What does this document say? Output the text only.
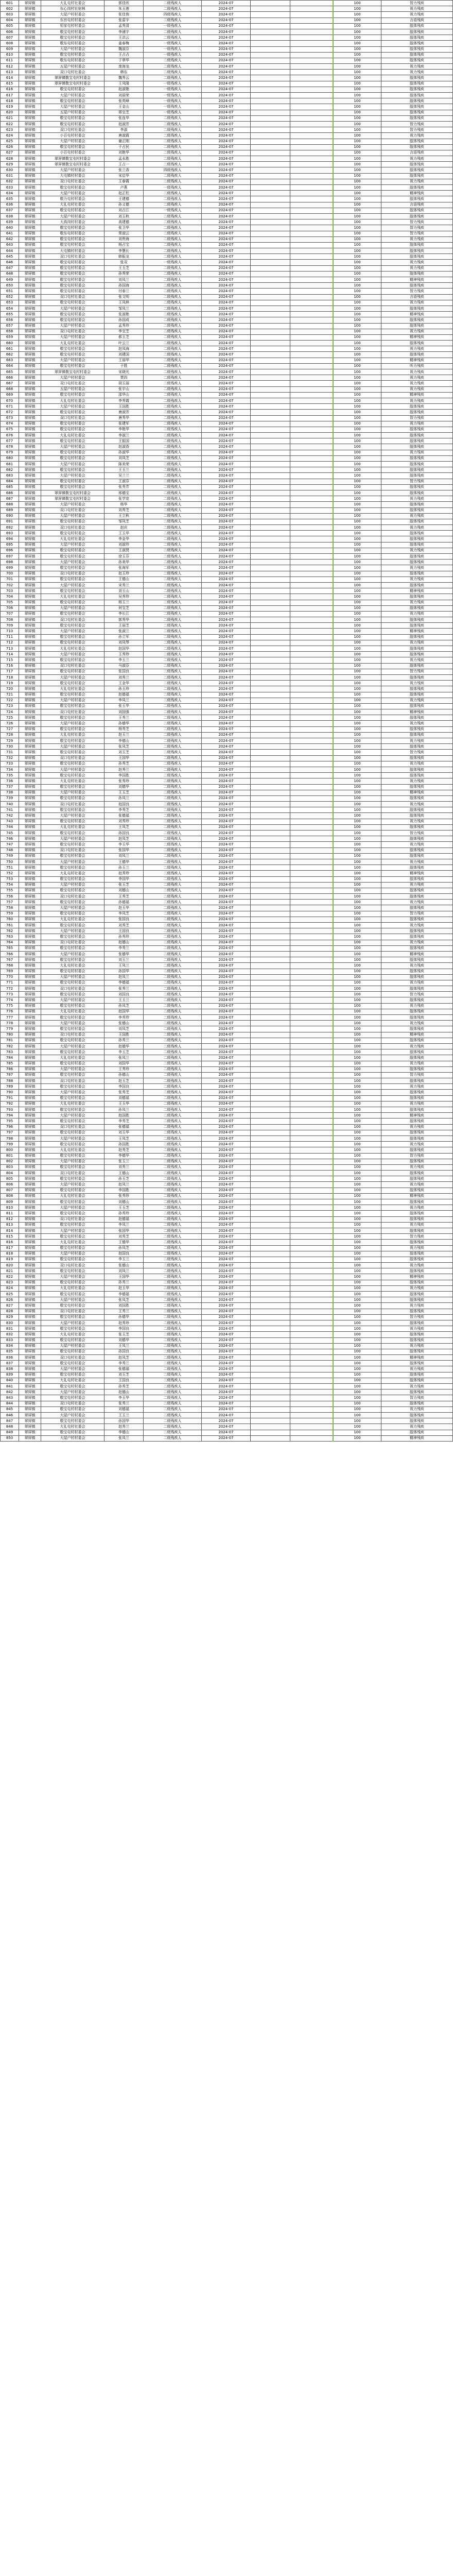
601	翠屏镇	大礼屯村社委会	郭佳欣	二级残疾人	2024-07			100	智力残疾
602	翠屏镇	东心岗村社宿林	朱玉莲	二级残疾人	2024-07			100	视力残疾
603	翠屏镇	大屋户村村委会	张佳俊	四级残疾人	2024-07			100	视力残疾
604	翠屏镇	东宫屯村村委会	张雷宇	二级残疾人	2024-07			100	言语残疾
605	翠屏镇	恒家屯村村委会	孟秀清	一级残疾人	2024-07			100	肢体残疾
606	翠屏镇	敬宝屯村村委会	李浦宇	二级残疾人	2024-07			100	肢体残疾
607	翠屏镇	敬宝屯村村委会	王洪云	二级残疾人	2024-07			100	肢体残疾
608	翠屏镇	敬东屯村村委会	姜春梅	一级残疾人	2024-07			100	肢体残疾
609	翠屏镇	大屋户村村委会	魏淑芬	一级残疾人	2024-07			100	肢体残疾
610	翠屏镇	敬宝屯村村委会	王占占	一级残疾人	2024-07			100	肢体残疾
611	翠屏镇	敬东屯村村委会	于翠华	二级残疾人	2024-07			100	肢体残疾
612	翠屏镇	五屋户村村委会	庞海龙	二级残疾人	2024-07			100	视力残疾
613	翠屏镇	双口屯村社委会	韩东	二级残疾人	2024-07			100	视力残疾
614	翠屏镇	翠屏镇敬宝屯村村委会	魏秀云	二级残疾人	2024-07			100	肢体残疾
615	翠屏镇	翠屏镇敬宝屯村村委会	王凤隆	一级残疾人	2024-07			100	肢体残疾
616	翠屏镇	敬宝屯村村委会	赵淑艳	一级残疾人	2024-07			100	肢体残疾
617	翠屏镇	大屋户村村委会	刘丽荣	一级残疾人	2024-07			100	肢体残疾
618	翠屏镇	敬宝屯村村委会	张英峰	一级残疾人	2024-07			100	肢体残疾
619	翠屏镇	大屋户村村委会	王金山	一级残疾人	2024-07			100	肢体残疾
620	翠屏镇	五屋户村村委会	邢宝芝	一级残疾人	2024-07			100	肢体残疾
621	翠屏镇	敬宝屯村村委会	张连华	二级残疾人	2024-07			100	肢体残疾
622	翠屏镇	敬宝屯村村委会	赵淑芳	二级残疾人	2024-07			100	智力残疾
623	翠屏镇	双口屯村社委会	李淑	二级残疾人	2024-07			100	智力残疾
624	翠屏镇	小百屯村村委会	唐淑霞	二级残疾人	2024-07			100	视力残疾
625	翠屏镇	大屋户村村委会	谢正刚	二级残疾人	2024-07			100	肢体残疾
626	翠屏镇	敬宝屯村村委会	于占民	二级残疾人	2024-07			100	肢体残疾
627	翠屏镇	小百屯村村委会	刘艳华	二级残疾人	2024-07			100	言语残疾
628	翠屏镇	翠屏镇敬宝屯村村委会	孟永胜	二级残疾人	2024-07			100	视力残疾
629	翠屏镇	翠屏镇敬宝屯村村委会	王占一	二级残疾人	2024-07			100	肢体残疾
630	翠屏镇	大屋户村村委会	张兰香	四级残疾人	2024-07			100	肢体残疾
631	翠屏镇	大屯镇村村委会	宋启华	二级残疾人	2024-07			100	肢体残疾
632	翠屏镇	双口屯村社委会	王春霞	二级残疾人	2024-07			100	视力残疾
633	翠屏镇	敬宝屯村村委会	卢燕	一级残疾人	2024-07			100	肢体残疾
634	翠屏镇	大屋户村村委会	赵正柱	二级残疾人	2024-07			100	精神残疾
635	翠屏镇	敬力屯村村委会	王建德	二级残疾人	2024-07			100	肢体残疾
636	翠屏镇	大礼屯村社委会	孙义德	二级残疾人	2024-07			100	言语残疾
637	翠屏镇	敬宝屯村村委会	刘占江	一级残疾人	2024-07			100	肢体残疾
638	翠屏镇	大屋户村村委会	刘玉秋	二级残疾人	2024-07			100	肢体残疾
639	翠屏镇	大高岗村村委会	高建德	二级残疾人	2024-07			100	智力残疾
640	翠屏镇	敬宝屯村村委会	张卫华	二级残疾人	2024-07			100	智力残疾
641	翠屏镇	敬东屯村村委会	常淑云	二级残疾人	2024-07			100	智力残疾
642	翠屏镇	敬宝屯村村委会	刘贵海	二级残疾人	2024-07			100	视力残疾
643	翠屏镇	敬宝屯村村委会	杨占宝	二级残疾人	2024-07			100	肢体残疾
644	翠屏镇	大屯镇村村委会	李慧长	二级残疾人	2024-07			100	肢体残疾
645	翠屏镇	双口屯村社委会	韩振龙	二级残疾人	2024-07			100	肢体残疾
646	翠屏镇	敬宝屯村村委会	张双	一级残疾人	2024-07			100	视力残疾
647	翠屏镇	敬宝屯村村委会	王玉芝	二级残疾人	2024-07			100	视力残疾
648	翠屏镇	敬宝屯村村委会	孙秀荣	二级残疾人	2024-07			100	肢体残疾
649	翠屏镇	敬宝屯村村委会	刘凤兰	二级残疾人	2024-07			100	精神残疾
650	翠屏镇	敬宝屯村村委会	孙国海	二级残疾人	2024-07			100	肢体残疾
651	翠屏镇	敬宝屯村村委会	付春兰	二级残疾人	2024-07			100	智力残疾
652	翠屏镇	双口屯村社委会	张文明	二级残疾人	2024-07			100	言语残疾
653	翠屏镇	敬宝屯村村委会	王凤林	二级残疾人	2024-07			100	视力残疾
654	翠屏镇	大屋户村村委会	邹凤兰	二级残疾人	2024-07			100	肢体残疾
655	翠屏镇	敬宝屯村村委会	张淑艳	二级残疾人	2024-07			100	精神残疾
656	翠屏镇	敬宝屯村村委会	孙国成	二级残疾人	2024-07			100	肢体残疾
657	翠屏镇	大屋户村村委会	孟秀珍	二级残疾人	2024-07			100	肢体残疾
658	翠屏镇	双口屯村社委会	李宝芝	二级残疾人	2024-07			100	视力残疾
659	翠屏镇	大屋户村村委会	郝玉芝	二级残疾人	2024-07			100	精神残疾
660	翠屏镇	大礼屯村社委会	叶云兰	二级残疾人	2024-07			100	肢体残疾
661	翠屏镇	敬宝屯村村委会	赵凤海	二级残疾人	2024-07			100	视力残疾
662	翠屏镇	敬宝屯村村委会	刘建国	二级残疾人	2024-07			100	肢体残疾
663	翠屏镇	大屋户村村委会	王丽华	二级残疾人	2024-07			100	精神残疾
664	翠屏镇	敬宝屯村村委会	于胜	二级残疾人	2024-07			100	听力残疾
665	翠屏镇	翠屏镇敬宝屯村村委会	宋晓光	二级残疾人	2024-07			100	视力残疾
666	翠屏镇	大屋户村村委会	贾四	二级残疾人	2024-07			100	视力残疾
667	翠屏镇	双口屯村社委会	胡玉丽	二级残疾人	2024-07			100	视力残疾
668	翠屏镇	五屋户村村委会	张宇山	二级残疾人	2024-07			100	视力残疾
669	翠屏镇	敬宝屯村村委会	邵华山	二级残疾人	2024-07			100	精神残疾
670	翠屏镇	大礼屯村社委会	李秀霞	二级残疾人	2024-07			100	视力残疾
671	翠屏镇	大屋户村村委会	王国胜	二级残疾人	2024-07			100	肢体残疾
672	翠屏镇	敬宝屯村村委会	唐淑芳	二级残疾人	2024-07			100	肢体残疾
673	翠屏镇	双口屯村社委会	唐秀华	二级残疾人	2024-07			100	智力残疾
674	翠屏镇	敬宝屯村村委会	张建军	二级残疾人	2024-07			100	视力残疾
675	翠屏镇	敬宝屯村村委会	李艳华	二级残疾人	2024-07			100	肢体残疾
676	翠屏镇	大礼屯村社委会	李淑兰	二级残疾人	2024-07			100	肢体残疾
677	翠屏镇	敬宝屯村村委会	王振国	二级残疾人	2024-07			100	肢体残疾
678	翠屏镇	大屋户村村委会	赵淑香	二级残疾人	2024-07			100	肢体残疾
679	翠屏镇	敬宝屯村村委会	孙淑华	二级残疾人	2024-07			100	视力残疾
680	翠屏镇	敬宝屯村村委会	刘凤芝	二级残疾人	2024-07			100	肢体残疾
681	翠屏镇	大屋户村村委会	陈美荣	二级残疾人	2024-07			100	肢体残疾
682	翠屏镇	敬宝屯村村委会	王玉兰	二级残疾人	2024-07			100	肢体残疾
683	翠屏镇	大屋户村村委会	吴兰兰	二级残疾人	2024-07			100	肢体残疾
684	翠屏镇	敬宝屯村村委会	王淑芬	二级残疾人	2024-07			100	智力残疾
685	翠屏镇	敬宝屯村村委会	张秀芳	二级残疾人	2024-07			100	肢体残疾
686	翠屏镇	翠屏镇敬宝屯村村委会	邢德宝	二级残疾人	2024-07			100	肢体残疾
687	翠屏镇	翠屏镇敬宝屯村村委会	张学宽	二级残疾人	2024-07			100	视力残疾
688	翠屏镇	大屋户村村委会	杨华	二级残疾人	2024-07			100	肢体残疾
689	翠屏镇	双口屯村社委会	刘秀芝	二级残疾人	2024-07			100	肢体残疾
690	翠屏镇	大屋户村村委会	王立秋	二级残疾人	2024-07			100	视力残疾
691	翠屏镇	敬宝屯村村委会	邹凤芝	二级残疾人	2024-07			100	肢体残疾
692	翠屏镇	双口屯村社委会	赵庆	二级残疾人	2024-07			100	视力残疾
693	翠屏镇	敬宝屯村村委会	王玉华	二级残疾人	2024-07			100	肢体残疾
694	翠屏镇	大礼屯村社委会	李金华	二级残疾人	2024-07			100	肢体残疾
695	翠屏镇	大屋户村村委会	刘淑珍	二级残疾人	2024-07			100	肢体残疾
696	翠屏镇	敬宝屯村村委会	王淑贤	二级残疾人	2024-07			100	视力残疾
697	翠屏镇	敬宝屯村村委会	徐玉芬	二级残疾人	2024-07			100	肢体残疾
698	翠屏镇	大屋户村村委会	孙美华	二级残疾人	2024-07			100	肢体残疾
699	翠屏镇	敬宝屯村村委会	张海军	二级残疾人	2024-07			100	视力残疾
700	翠屏镇	双口屯村社委会	赵玉珍	二级残疾人	2024-07			100	肢体残疾
701	翠屏镇	敬宝屯村村委会	王德山	二级残疾人	2024-07			100	视力残疾
702	翠屏镇	大屋户村村委会	宋秀兰	二级残疾人	2024-07			100	肢体残疾
703	翠屏镇	敬宝屯村村委会	刘玉山	二级残疾人	2024-07			100	精神残疾
704	翠屏镇	大礼屯村社委会	吴秀珍	二级残疾人	2024-07			100	肢体残疾
705	翠屏镇	敬宝屯村村委会	杨玉兰	二级残疾人	2024-07			100	视力残疾
706	翠屏镇	大屋户村村委会	何宝芝	二级残疾人	2024-07			100	肢体残疾
707	翠屏镇	敬宝屯村村委会	李长江	二级残疾人	2024-07			100	视力残疾
708	翠屏镇	双口屯村社委会	郭秀华	二级残疾人	2024-07			100	肢体残疾
709	翠屏镇	敬宝屯村村委会	王丽芝	二级残疾人	2024-07			100	肢体残疾
710	翠屏镇	大屋户村村委会	张淑兰	二级残疾人	2024-07			100	精神残疾
711	翠屏镇	敬宝屯村村委会	孙立军	二级残疾人	2024-07			100	肢体残疾
712	翠屏镇	敬宝屯村村委会	刘凤琴	二级残疾人	2024-07			100	视力残疾
713	翠屏镇	大礼屯村社委会	赵国华	二级残疾人	2024-07			100	肢体残疾
714	翠屏镇	大屋户村村委会	王秀珍	二级残疾人	2024-07			100	肢体残疾
715	翠屏镇	敬宝屯村村委会	李玉兰	二级残疾人	2024-07			100	视力残疾
716	翠屏镇	双口屯村社委会	马淑芬	二级残疾人	2024-07			100	肢体残疾
717	翠屏镇	敬宝屯村村委会	张国良	二级残疾人	2024-07			100	智力残疾
718	翠屏镇	大屋户村村委会	刘秀兰	二级残疾人	2024-07			100	肢体残疾
719	翠屏镇	敬宝屯村村委会	王金华	二级残疾人	2024-07			100	视力残疾
720	翠屏镇	大礼屯村社委会	孙玉珍	二级残疾人	2024-07			100	肢体残疾
721	翠屏镇	敬宝屯村村委会	赵德福	二级残疾人	2024-07			100	肢体残疾
722	翠屏镇	大屋户村村委会	李凤兰	二级残疾人	2024-07			100	视力残疾
723	翠屏镇	敬宝屯村村委会	张玉华	二级残疾人	2024-07			100	肢体残疾
724	翠屏镇	双口屯村社委会	刘国强	二级残疾人	2024-07			100	精神残疾
725	翠屏镇	敬宝屯村村委会	王秀兰	二级残疾人	2024-07			100	肢体残疾
726	翠屏镇	大屋户村村委会	孙德华	二级残疾人	2024-07			100	视力残疾
727	翠屏镇	敬宝屯村村委会	杨秀芝	二级残疾人	2024-07			100	肢体残疾
728	翠屏镇	大礼屯村社委会	赵玉兰	二级残疾人	2024-07			100	肢体残疾
729	翠屏镇	敬宝屯村村委会	李德山	二级残疾人	2024-07			100	视力残疾
730	翠屏镇	大屋户村村委会	张凤芝	二级残疾人	2024-07			100	肢体残疾
731	翠屏镇	敬宝屯村村委会	刘玉芝	二级残疾人	2024-07			100	智力残疾
732	翠屏镇	双口屯村社委会	王国华	二级残疾人	2024-07			100	肢体残疾
733	翠屏镇	敬宝屯村村委会	孙秀芝	二级残疾人	2024-07			100	视力残疾
734	翠屏镇	大屋户村村委会	赵秀兰	二级残疾人	2024-07			100	肢体残疾
735	翠屏镇	敬宝屯村村委会	李国胜	二级残疾人	2024-07			100	肢体残疾
736	翠屏镇	大礼屯村社委会	张秀珍	二级残疾人	2024-07			100	视力残疾
737	翠屏镇	敬宝屯村村委会	刘德华	二级残疾人	2024-07			100	肢体残疾
738	翠屏镇	大屋户村村委会	王玉芝	二级残疾人	2024-07			100	精神残疾
739	翠屏镇	敬宝屯村村委会	孙凤兰	二级残疾人	2024-07			100	肢体残疾
740	翠屏镇	双口屯村社委会	赵国良	二级残疾人	2024-07			100	视力残疾
741	翠屏镇	敬宝屯村村委会	李秀芝	二级残疾人	2024-07			100	肢体残疾
742	翠屏镇	大屋户村村委会	张德福	二级残疾人	2024-07			100	肢体残疾
743	翠屏镇	敬宝屯村村委会	刘秀珍	二级残疾人	2024-07			100	视力残疾
744	翠屏镇	大礼屯村社委会	王凤芝	二级残疾人	2024-07			100	肢体残疾
745	翠屏镇	敬宝屯村村委会	孙国良	二级残疾人	2024-07			100	智力残疾
746	翠屏镇	大屋户村村委会	赵凤芝	二级残疾人	2024-07			100	肢体残疾
747	翠屏镇	敬宝屯村村委会	李玉华	二级残疾人	2024-07			100	视力残疾
748	翠屏镇	双口屯村社委会	张国华	二级残疾人	2024-07			100	肢体残疾
749	翠屏镇	敬宝屯村村委会	刘凤兰	二级残疾人	2024-07			100	肢体残疾
750	翠屏镇	大屋户村村委会	王德华	二级残疾人	2024-07			100	视力残疾
751	翠屏镇	敬宝屯村村委会	孙玉兰	二级残疾人	2024-07			100	肢体残疾
752	翠屏镇	大礼屯村社委会	赵秀珍	二级残疾人	2024-07			100	精神残疾
753	翠屏镇	敬宝屯村村委会	李国华	二级残疾人	2024-07			100	肢体残疾
754	翠屏镇	大屋户村村委会	张玉芝	二级残疾人	2024-07			100	视力残疾
755	翠屏镇	敬宝屯村村委会	刘德山	二级残疾人	2024-07			100	肢体残疾
756	翠屏镇	双口屯村社委会	王秀芝	二级残疾人	2024-07			100	肢体残疾
757	翠屏镇	敬宝屯村村委会	孙德福	二级残疾人	2024-07			100	视力残疾
758	翠屏镇	大屋户村村委会	赵玉华	二级残疾人	2024-07			100	肢体残疾
759	翠屏镇	敬宝屯村村委会	李凤芝	二级残疾人	2024-07			100	智力残疾
760	翠屏镇	大礼屯村社委会	张国良	二级残疾人	2024-07			100	肢体残疾
761	翠屏镇	敬宝屯村村委会	刘秀芝	二级残疾人	2024-07			100	视力残疾
762	翠屏镇	大屋户村村委会	王国良	二级残疾人	2024-07			100	肢体残疾
763	翠屏镇	敬宝屯村村委会	孙秀珍	二级残疾人	2024-07			100	肢体残疾
764	翠屏镇	双口屯村社委会	赵德山	二级残疾人	2024-07			100	视力残疾
765	翠屏镇	敬宝屯村村委会	李秀兰	二级残疾人	2024-07			100	肢体残疾
766	翠屏镇	大屋户村村委会	张德华	二级残疾人	2024-07			100	精神残疾
767	翠屏镇	敬宝屯村村委会	刘玉兰	二级残疾人	2024-07			100	肢体残疾
768	翠屏镇	大礼屯村社委会	王凤兰	二级残疾人	2024-07			100	视力残疾
769	翠屏镇	敬宝屯村村委会	孙国华	二级残疾人	2024-07			100	肢体残疾
770	翠屏镇	大屋户村村委会	赵凤兰	二级残疾人	2024-07			100	肢体残疾
771	翠屏镇	敬宝屯村村委会	李德福	二级残疾人	2024-07			100	视力残疾
772	翠屏镇	双口屯村社委会	张秀兰	二级残疾人	2024-07			100	肢体残疾
773	翠屏镇	敬宝屯村村委会	刘国良	二级残疾人	2024-07			100	智力残疾
774	翠屏镇	大屋户村村委会	王玉兰	二级残疾人	2024-07			100	肢体残疾
775	翠屏镇	敬宝屯村村委会	孙凤芝	二级残疾人	2024-07			100	视力残疾
776	翠屏镇	大礼屯村社委会	赵国华	二级残疾人	2024-07			100	肢体残疾
777	翠屏镇	敬宝屯村村委会	李秀珍	二级残疾人	2024-07			100	肢体残疾
778	翠屏镇	大屋户村村委会	张德山	二级残疾人	2024-07			100	视力残疾
779	翠屏镇	敬宝屯村村委会	刘凤芝	二级残疾人	2024-07			100	肢体残疾
780	翠屏镇	双口屯村社委会	王国胜	二级残疾人	2024-07			100	精神残疾
781	翠屏镇	敬宝屯村村委会	孙秀兰	二级残疾人	2024-07			100	肢体残疾
782	翠屏镇	大屋户村村委会	赵德华	二级残疾人	2024-07			100	视力残疾
783	翠屏镇	敬宝屯村村委会	李玉芝	二级残疾人	2024-07			100	肢体残疾
784	翠屏镇	大礼屯村社委会	张凤兰	二级残疾人	2024-07			100	肢体残疾
785	翠屏镇	敬宝屯村村委会	刘国华	二级残疾人	2024-07			100	视力残疾
786	翠屏镇	大屋户村村委会	王秀珍	二级残疾人	2024-07			100	肢体残疾
787	翠屏镇	敬宝屯村村委会	孙德山	二级残疾人	2024-07			100	智力残疾
788	翠屏镇	双口屯村社委会	赵玉芝	二级残疾人	2024-07			100	肢体残疾
789	翠屏镇	敬宝屯村村委会	李国良	二级残疾人	2024-07			100	视力残疾
790	翠屏镇	大屋户村村委会	张秀芝	二级残疾人	2024-07			100	肢体残疾
791	翠屏镇	敬宝屯村村委会	刘德福	二级残疾人	2024-07			100	肢体残疾
792	翠屏镇	大礼屯村社委会	王玉华	二级残疾人	2024-07			100	视力残疾
793	翠屏镇	敬宝屯村村委会	孙凤兰	二级残疾人	2024-07			100	肢体残疾
794	翠屏镇	大屋户村村委会	赵国胜	二级残疾人	2024-07			100	精神残疾
795	翠屏镇	敬宝屯村村委会	李秀芝	二级残疾人	2024-07			100	肢体残疾
796	翠屏镇	双口屯村社委会	张德福	二级残疾人	2024-07			100	视力残疾
797	翠屏镇	敬宝屯村村委会	刘玉华	二级残疾人	2024-07			100	肢体残疾
798	翠屏镇	大屋户村村委会	王凤芝	二级残疾人	2024-07			100	肢体残疾
799	翠屏镇	敬宝屯村村委会	孙国胜	二级残疾人	2024-07			100	视力残疾
800	翠屏镇	大礼屯村社委会	赵秀芝	二级残疾人	2024-07			100	肢体残疾
801	翠屏镇	敬宝屯村村委会	李德华	二级残疾人	2024-07			100	智力残疾
802	翠屏镇	大屋户村村委会	张玉兰	二级残疾人	2024-07			100	肢体残疾
803	翠屏镇	敬宝屯村村委会	刘秀兰	二级残疾人	2024-07			100	视力残疾
804	翠屏镇	双口屯村社委会	王德山	二级残疾人	2024-07			100	肢体残疾
805	翠屏镇	敬宝屯村村委会	孙玉芝	二级残疾人	2024-07			100	肢体残疾
806	翠屏镇	大屋户村村委会	赵凤兰	二级残疾人	2024-07			100	视力残疾
807	翠屏镇	敬宝屯村村委会	李国胜	二级残疾人	2024-07			100	肢体残疾
808	翠屏镇	大礼屯村社委会	张秀珍	二级残疾人	2024-07			100	精神残疾
809	翠屏镇	敬宝屯村村委会	刘德山	二级残疾人	2024-07			100	肢体残疾
810	翠屏镇	大屋户村村委会	王玉芝	二级残疾人	2024-07			100	视力残疾
811	翠屏镇	敬宝屯村村委会	孙秀珍	二级残疾人	2024-07			100	肢体残疾
812	翠屏镇	双口屯村社委会	赵德福	二级残疾人	2024-07			100	肢体残疾
813	翠屏镇	敬宝屯村村委会	李凤兰	二级残疾人	2024-07			100	视力残疾
814	翠屏镇	大屋户村村委会	张国华	二级残疾人	2024-07			100	肢体残疾
815	翠屏镇	敬宝屯村村委会	刘秀芝	二级残疾人	2024-07			100	智力残疾
816	翠屏镇	大礼屯村社委会	王德华	二级残疾人	2024-07			100	肢体残疾
817	翠屏镇	敬宝屯村村委会	孙凤芝	二级残疾人	2024-07			100	视力残疾
818	翠屏镇	大屋户村村委会	赵国良	二级残疾人	2024-07			100	肢体残疾
819	翠屏镇	敬宝屯村村委会	李玉兰	二级残疾人	2024-07			100	肢体残疾
820	翠屏镇	双口屯村社委会	张德山	二级残疾人	2024-07			100	视力残疾
821	翠屏镇	敬宝屯村村委会	刘凤兰	二级残疾人	2024-07			100	肢体残疾
822	翠屏镇	大屋户村村委会	王国华	二级残疾人	2024-07			100	精神残疾
823	翠屏镇	敬宝屯村村委会	孙秀兰	二级残疾人	2024-07			100	肢体残疾
824	翠屏镇	大礼屯村社委会	赵玉华	二级残疾人	2024-07			100	视力残疾
825	翠屏镇	敬宝屯村村委会	李德福	二级残疾人	2024-07			100	肢体残疾
826	翠屏镇	大屋户村村委会	张凤芝	二级残疾人	2024-07			100	肢体残疾
827	翠屏镇	敬宝屯村村委会	刘国胜	二级残疾人	2024-07			100	视力残疾
828	翠屏镇	双口屯村社委会	王秀兰	二级残疾人	2024-07			100	肢体残疾
829	翠屏镇	敬宝屯村村委会	孙德华	二级残疾人	2024-07			100	智力残疾
830	翠屏镇	大屋户村村委会	赵秀珍	二级残疾人	2024-07			100	肢体残疾
831	翠屏镇	敬宝屯村村委会	李国良	二级残疾人	2024-07			100	视力残疾
832	翠屏镇	大礼屯村社委会	张玉芝	二级残疾人	2024-07			100	肢体残疾
833	翠屏镇	敬宝屯村村委会	刘德华	二级残疾人	2024-07			100	肢体残疾
834	翠屏镇	大屋户村村委会	王凤兰	二级残疾人	2024-07			100	视力残疾
835	翠屏镇	敬宝屯村村委会	孙国良	二级残疾人	2024-07			100	肢体残疾
836	翠屏镇	双口屯村社委会	赵凤芝	二级残疾人	2024-07			100	精神残疾
837	翠屏镇	敬宝屯村村委会	李秀兰	二级残疾人	2024-07			100	肢体残疾
838	翠屏镇	大屋户村村委会	张德福	二级残疾人	2024-07			100	视力残疾
839	翠屏镇	敬宝屯村村委会	刘玉芝	二级残疾人	2024-07			100	肢体残疾
840	翠屏镇	大礼屯村社委会	王国良	二级残疾人	2024-07			100	肢体残疾
841	翠屏镇	敬宝屯村村委会	孙秀芝	二级残疾人	2024-07			100	视力残疾
842	翠屏镇	大屋户村村委会	赵德山	二级残疾人	2024-07			100	肢体残疾
843	翠屏镇	敬宝屯村村委会	李玉华	二级残疾人	2024-07			100	智力残疾
844	翠屏镇	双口屯村社委会	张秀兰	二级残疾人	2024-07			100	肢体残疾
845	翠屏镇	敬宝屯村村委会	刘德福	二级残疾人	2024-07			100	视力残疾
846	翠屏镇	大屋户村村委会	王玉兰	二级残疾人	2024-07			100	肢体残疾
847	翠屏镇	敬宝屯村村委会	孙国华	二级残疾人	2024-07			100	肢体残疾
848	翠屏镇	大礼屯村社委会	赵秀兰	二级残疾人	2024-07			100	视力残疾
849	翠屏镇	敬宝屯村村委会	李德山	二级残疾人	2024-07			100	肢体残疾
850	翠屏镇	大屋户村村委会	张凤兰	二级残疾人	2024-07			100	精神残疾
